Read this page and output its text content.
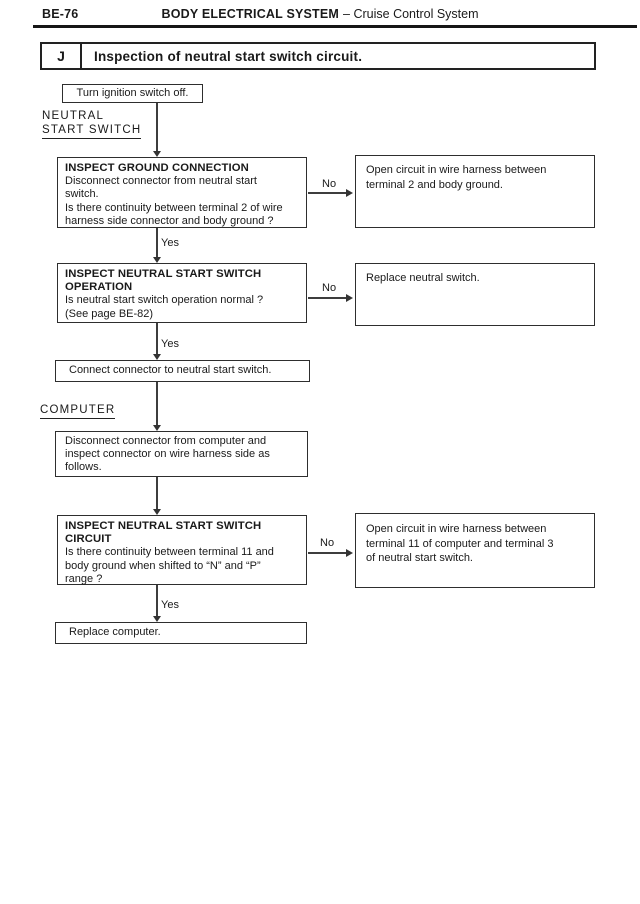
BE-76	BODY ELECTRICAL SYSTEM – Cruise Control System
J	Inspection of neutral start switch circuit.
Turn ignition switch off.
NEUTRAL
START SWITCH
INSPECT GROUND CONNECTION
Disconnect connector from neutral start
switch.
Is there continuity between terminal 2 of wire
harness side connector and body ground ?
No
Open circuit in wire harness between
terminal 2 and body ground.
Yes
INSPECT NEUTRAL START SWITCH
OPERATION
Is neutral start switch operation normal ?
(See page BE-82)
No
Replace neutral switch.
Yes
Connect connector to neutral start switch.
COMPUTER
Disconnect connector from computer and
inspect connector on wire harness side as
follows.
INSPECT NEUTRAL START SWITCH
CIRCUIT
Is there continuity between terminal 11 and
body ground when shifted to “N” and “P”
range ?
No
Open circuit in wire harness between
terminal 11 of computer and terminal 3
of neutral start switch.
Yes
Replace computer.
